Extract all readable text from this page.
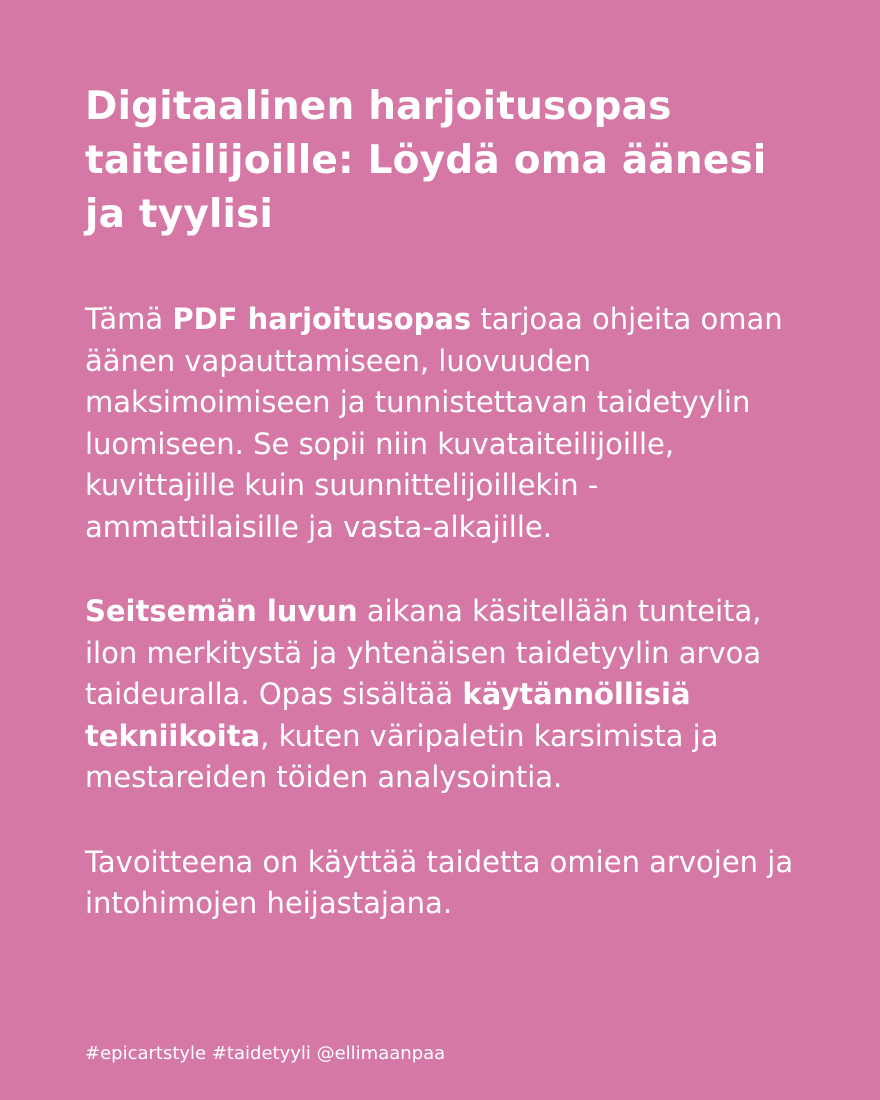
Digitaalinen harjoitusopas taiteilijoille: Löydä oma äänesi ja tyylisi

Tämä PDF harjoitusopas tarjoaa ohjeita oman äänen vapauttamiseen, luovuuden maksimoimiseen ja tunnistettavan taidetyylin luomiseen. Se sopii niin kuvataiteilijoille, kuvittajille kuin suunnittelijoillekin - ammattilaisille ja vasta-alkajille.

Seitsemän luvun aikana käsitellään tunteita, ilon merkitystä ja yhtenäisen taidetyylin arvoa taideuralla. Opas sisältää käytännöllisiä tekniikoita, kuten väripaletin karsimista ja mestareiden töiden analysointia.

Tavoitteena on käyttää taidetta omien arvojen ja intohimojen heijastajana.

#epicartstyle #taidetyyli @ellimaanpaa
